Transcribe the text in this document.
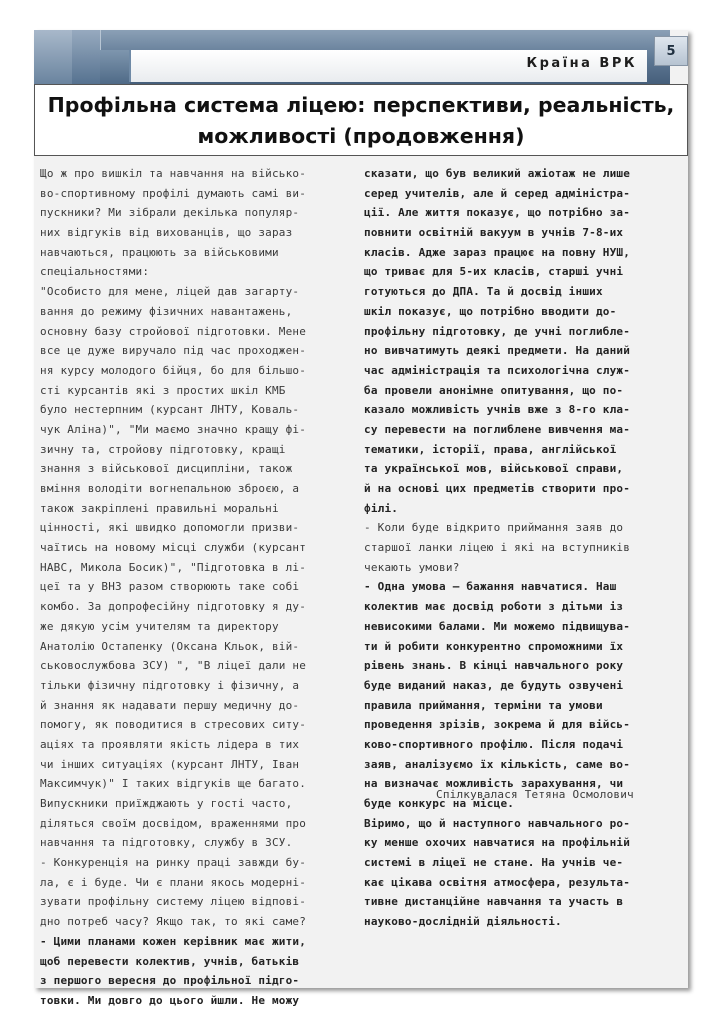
Країна ВРК
5
Профільна система ліцею: перспективи, реальність,
можливості (продовження)
Що ж про вишкіл та навчання на військо-
во-спортивному профілі думають самі ви-
пускники? Ми зібрали декілька популяр-
них відгуків від вихованців, що зараз
навчаються, працюють за військовими
спеціальностями:
"Особисто для мене, ліцей дав загарту-
вання до режиму фізичних навантажень,
основну базу стройової підготовки. Мене
все це дуже виручало під час проходжен-
ня курсу молодого бійця, бо для більшо-
сті курсантів які з простих шкіл КМБ
було нестерпним (курсант ЛНТУ, Коваль-
чук Аліна)", "Ми маємо значно кращу фі-
зичну та, стройову підготовку, кращі
знання з військової дисципліни, також
вміння володіти вогнепальною зброєю, а
також закріплені правильні моральні
цінності, які швидко допомогли призви-
чаїтись на новому місці служби (курсант
НАВС, Микола Босик)", "Підготовка в лі-
цеї та у ВНЗ разом створюють таке собі
комбо. За допрофесійну підготовку я ду-
же дякую усім учителям та директору
Анатолію Остапенку (Оксана Кльок, вій-
ськовослужбова ЗСУ) ", "В ліцеї дали не
тільки фізичну підготовку і фізичну, а
й знання як надавати першу медичну до-
помогу, як поводитися в стресових ситу-
аціях та проявляти якість лідера в тих
чи інших ситуаціях (курсант ЛНТУ, Іван
Максимчук)" І таких відгуків ще багато.
Випускники приїжджають у гості часто,
діляться своїм досвідом, враженнями про
навчання та підготовку, службу в ЗСУ.
- Конкуренція на ринку праці завжди бу-
ла, є і буде. Чи є плани якось модерні-
зувати профільну систему ліцею відпові-
дно потреб часу? Якщо так, то які саме?
- Цими планами кожен керівник має жити,
щоб перевести колектив, учнів, батьків
з першого вересня до профільної підго-
товки. Ми довго до цього йшли. Не можу
сказати, що був великий ажіотаж не лише
серед учителів, але й серед адміністра-
ції. Але життя показує, що потрібно за-
повнити освітній вакуум в учнів 7-8-их
класів. Адже зараз працює на повну НУШ,
що триває для 5-их класів, старші учні
готуються до ДПА. Та й досвід інших
шкіл показує, що потрібно вводити до-
профільну підготовку, де учні поглибле-
но вивчатимуть деякі предмети. На даний
час адміністрація та психологічна служ-
ба провели анонімне опитування, що по-
казало можливість учнів вже з 8-го кла-
су перевести на поглиблене вивчення ма-
тематики, історії, права, англійської
та української мов, військової справи,
й на основі цих предметів створити про-
філі.
- Коли буде відкрито приймання заяв до
старшої ланки ліцею і які на вступників
чекають умови?
- Одна умова — бажання навчатися. Наш
колектив має досвід роботи з дітьми із
невисокими балами. Ми можемо підвищува-
ти й робити конкурентно спроможними їх
рівень знань. В кінці навчального року
буде виданий наказ, де будуть озвучені
правила приймання, терміни та умови
проведення зрізів, зокрема й для війсь-
ково-спортивного профілю. Після подачі
заяв, аналізуємо їх кількість, саме во-
на визначає можливість зарахування, чи
буде конкурс на місце.
Віримо, що й наступного навчального ро-
ку менше охочих навчатися на профільній
системі в ліцеї не стане. На учнів че-
кає цікава освітня атмосфера, результа-
тивне дистанційне навчання та участь в
науково-дослідній діяльності.
Спілкувалася Тетяна Осмолович
